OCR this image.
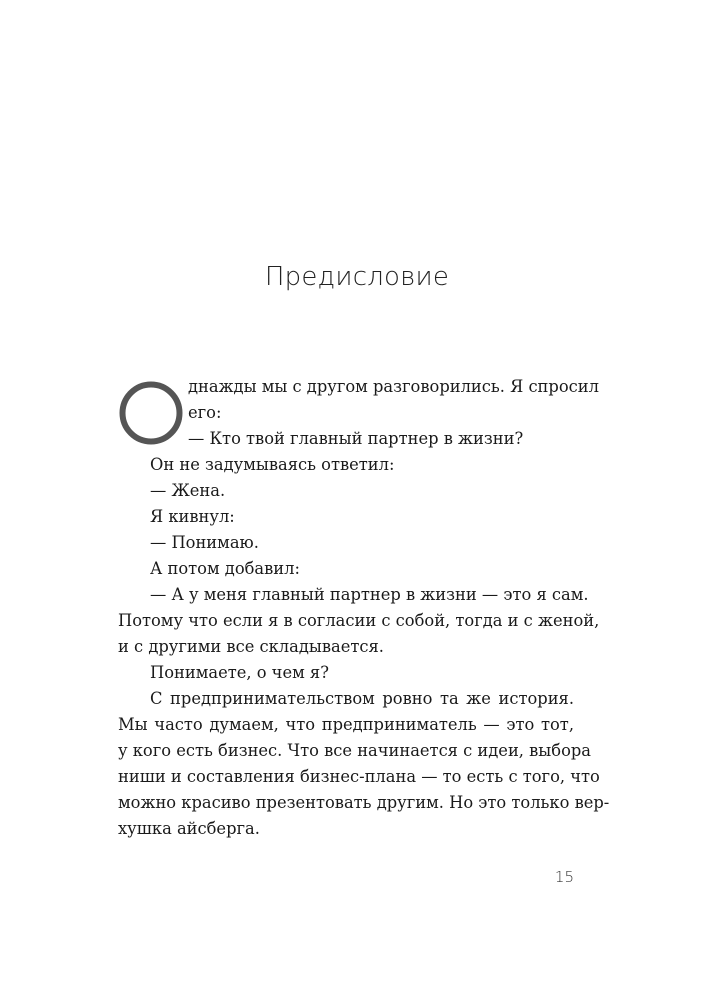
Предисловие
днажды мы с другом разговорились. Я спросил
его:
— Кто твой главный партнер в жизни?
Он не задумываясь ответил:
— Жена.
Я кивнул:
— Понимаю.
А потом добавил:
— А у меня главный партнер в жизни — это я сам.
Потому что если я в согласии с собой, тогда и с женой,
и с другими все складывается.
Понимаете, о чем я?
С предпринимательством ровно та же история.
Мы часто думаем, что предприниматель — это тот,
у кого есть бизнес. Что все начинается с идеи, выбора
ниши и составления бизнес-плана — то есть с того, что
можно красиво презентовать другим. Но это только вер-
хушка айсберга.
15
